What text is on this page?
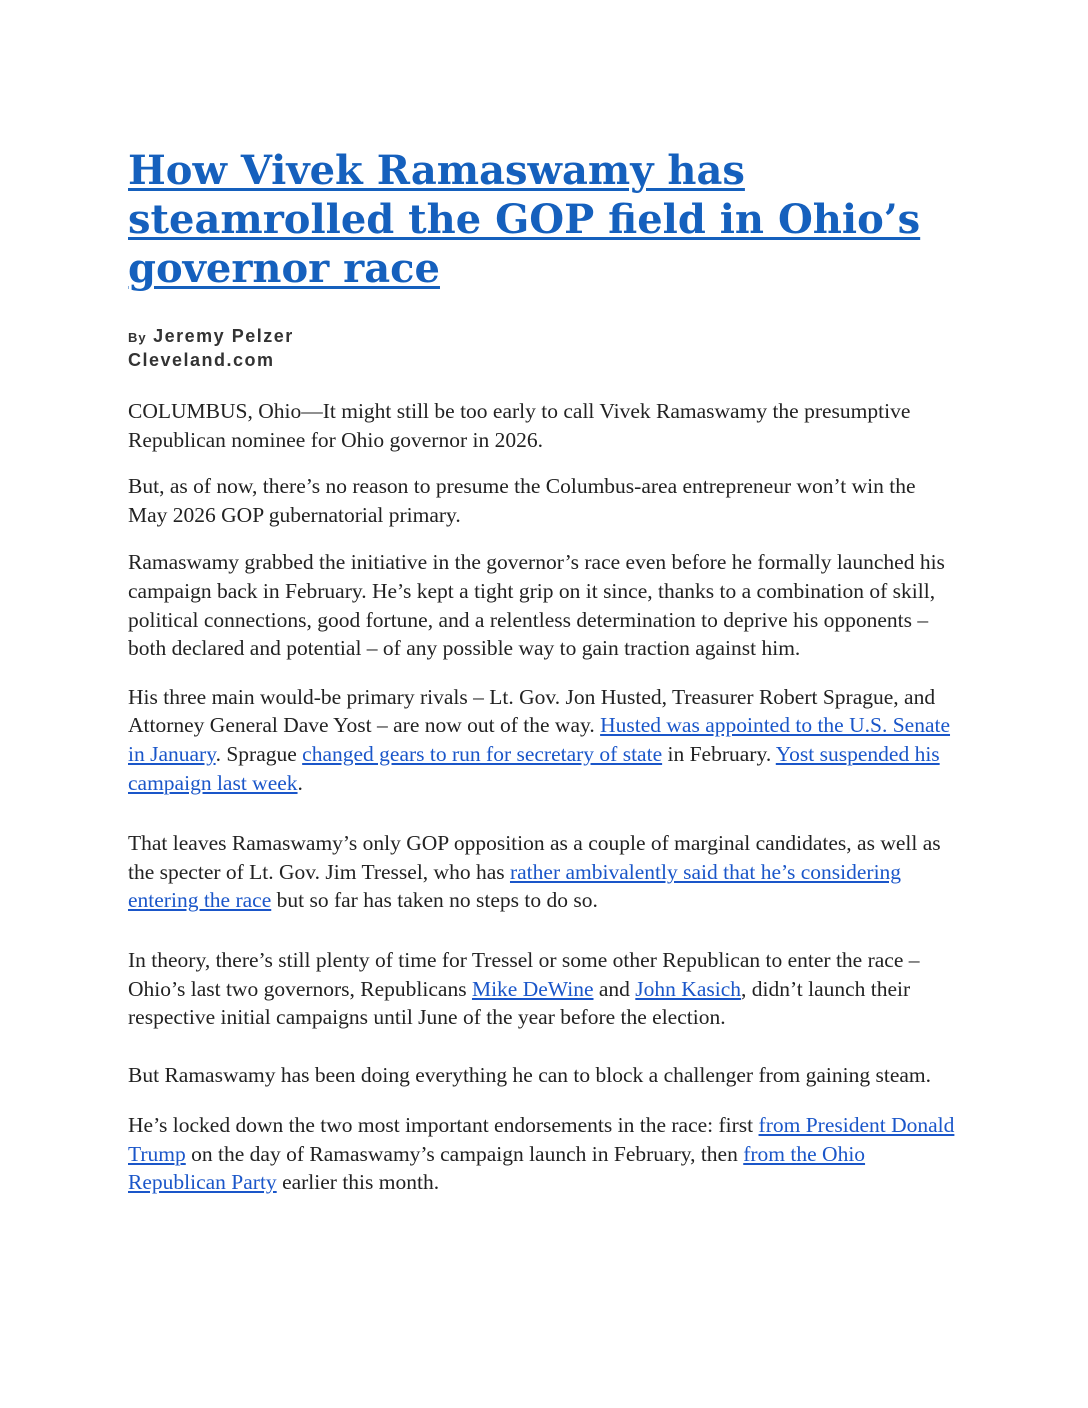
How Vivek Ramaswamy has steamrolled the GOP field in Ohio’s governor race
By Jeremy Pelzer
Cleveland.com

COLUMBUS, Ohio—It might still be too early to call Vivek Ramaswamy the presumptive Republican nominee for Ohio governor in 2026.

But, as of now, there’s no reason to presume the Columbus-area entrepreneur won’t win the May 2026 GOP gubernatorial primary.

Ramaswamy grabbed the initiative in the governor’s race even before he formally launched his campaign back in February. He’s kept a tight grip on it since, thanks to a combination of skill, political connections, good fortune, and a relentless determination to deprive his opponents – both declared and potential – of any possible way to gain traction against him.

His three main would-be primary rivals – Lt. Gov. Jon Husted, Treasurer Robert Sprague, and Attorney General Dave Yost – are now out of the way. Husted was appointed to the U.S. Senate in January. Sprague changed gears to run for secretary of state in February. Yost suspended his campaign last week.

That leaves Ramaswamy’s only GOP opposition as a couple of marginal candidates, as well as the specter of Lt. Gov. Jim Tressel, who has rather ambivalently said that he’s considering entering the race but so far has taken no steps to do so.

In theory, there’s still plenty of time for Tressel or some other Republican to enter the race – Ohio’s last two governors, Republicans Mike DeWine and John Kasich, didn’t launch their respective initial campaigns until June of the year before the election.

But Ramaswamy has been doing everything he can to block a challenger from gaining steam.

He’s locked down the two most important endorsements in the race: first from President Donald Trump on the day of Ramaswamy’s campaign launch in February, then from the Ohio Republican Party earlier this month.
